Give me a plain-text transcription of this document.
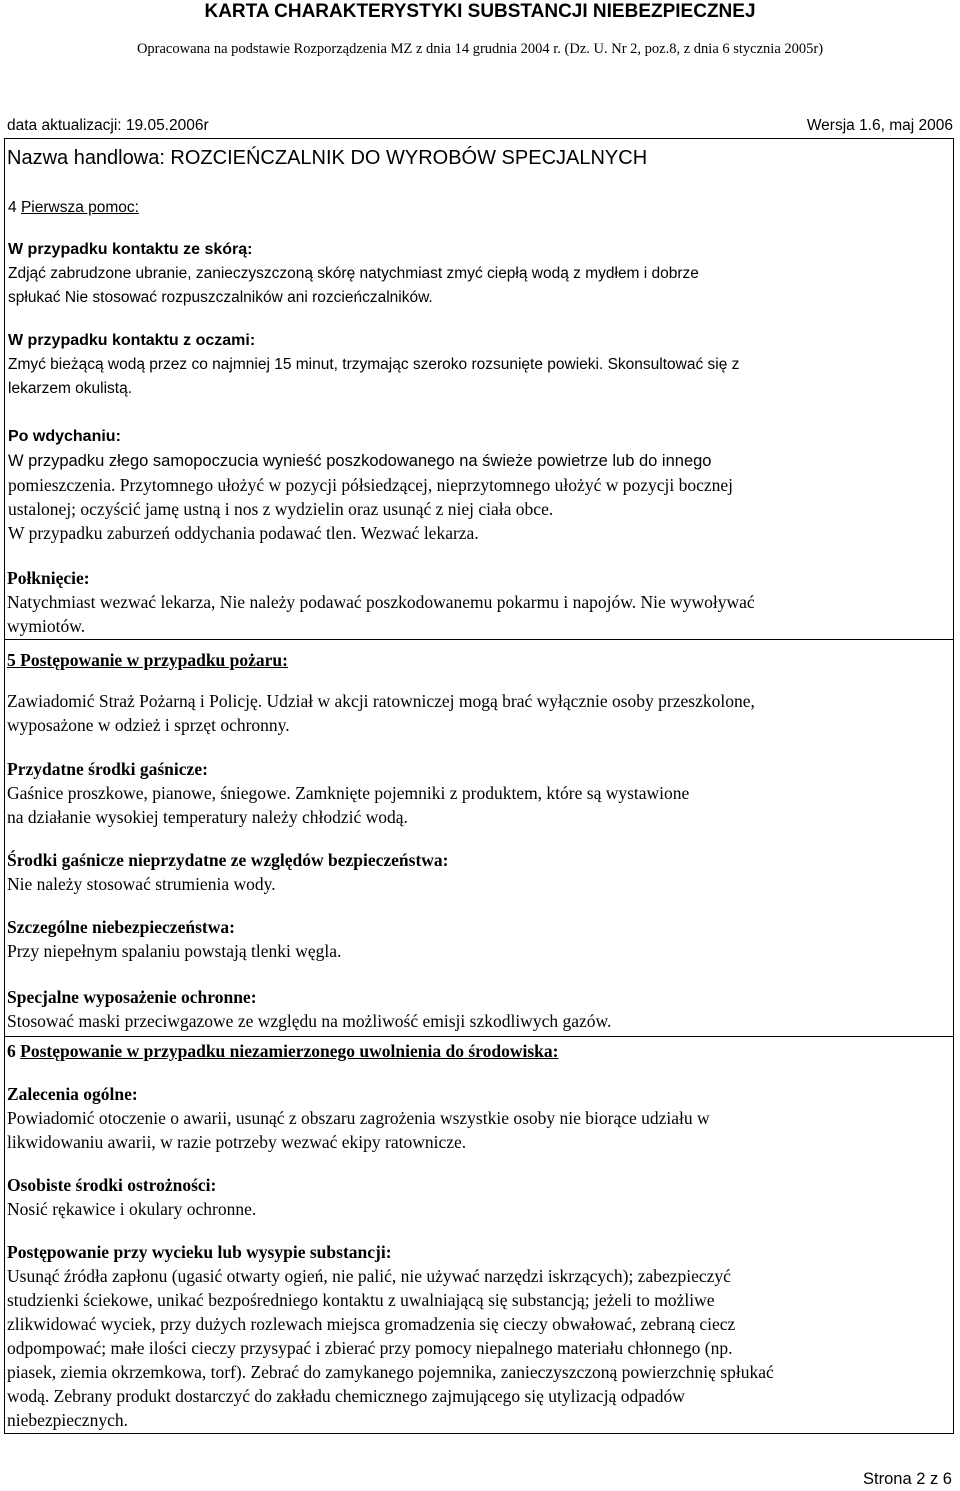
KARTA CHARAKTERYSTYKI SUBSTANCJI NIEBEZPIECZNEJ
Opracowana na podstawie Rozporządzenia MZ z dnia 14 grudnia 2004 r. (Dz. U. Nr 2, poz.8, z dnia 6 stycznia 2005r)
data aktualizacji: 19.05.2006r	Wersja 1.6, maj 2006
Nazwa handlowa: ROZCIEŃCZALNIK DO WYROBÓW SPECJALNYCH
4 Pierwsza pomoc:
W przypadku kontaktu ze skórą:
Zdjąć zabrudzone ubranie, zanieczyszczoną skórę natychmiast zmyć ciepłą wodą z mydłem i dobrze
spłukać Nie stosować rozpuszczalników ani rozcieńczalników.
W przypadku kontaktu z oczami:
Zmyć bieżącą wodą przez co najmniej 15 minut, trzymając szeroko rozsunięte powieki. Skonsultować się z
lekarzem okulistą.
Po wdychaniu:
W przypadku złego samopoczucia wynieść poszkodowanego na świeże powietrze lub do innego
pomieszczenia. Przytomnego ułożyć w pozycji półsiedzącej, nieprzytomnego ułożyć w pozycji bocznej
ustalonej; oczyścić jamę ustną i nos z wydzielin oraz usunąć z niej ciała obce.
W przypadku zaburzeń oddychania podawać tlen. Wezwać lekarza.
Połknięcie:
Natychmiast wezwać lekarza, Nie należy podawać poszkodowanemu pokarmu i napojów. Nie wywoływać
wymiotów.
5 Postępowanie w przypadku pożaru:
Zawiadomić Straż Pożarną i Policję. Udział w akcji ratowniczej mogą brać wyłącznie osoby przeszkolone,
wyposażone w odzież i sprzęt ochronny.
Przydatne środki gaśnicze:
Gaśnice proszkowe, pianowe, śniegowe. Zamknięte pojemniki z produktem, które są wystawione
na działanie wysokiej temperatury należy chłodzić wodą.
Środki gaśnicze nieprzydatne ze względów bezpieczeństwa:
Nie należy stosować strumienia wody.
Szczególne niebezpieczeństwa:
Przy niepełnym spalaniu powstają tlenki węgla.
Specjalne wyposażenie ochronne:
Stosować maski przeciwgazowe ze względu na możliwość emisji szkodliwych gazów.
6 Postępowanie w przypadku niezamierzonego uwolnienia do środowiska:
Zalecenia ogólne:
Powiadomić otoczenie o awarii, usunąć z obszaru zagrożenia wszystkie osoby nie biorące udziału w
likwidowaniu awarii, w razie potrzeby wezwać ekipy ratownicze.
Osobiste środki ostrożności:
Nosić rękawice i okulary ochronne.
Postępowanie przy wycieku lub wysypie substancji:
Usunąć źródła zapłonu (ugasić otwarty ogień, nie palić, nie używać narzędzi iskrzących); zabezpieczyć
studzienki ściekowe, unikać bezpośredniego kontaktu z uwalniającą się substancją; jeżeli to możliwe
zlikwidować wyciek, przy dużych rozlewach miejsca gromadzenia się cieczy obwałować, zebraną ciecz
odpompować; małe ilości cieczy przysypać i zbierać przy pomocy niepalnego materiału chłonnego (np.
piasek, ziemia okrzemkowa, torf). Zebrać do zamykanego pojemnika, zanieczyszczoną powierzchnię spłukać
wodą. Zebrany produkt dostarczyć do zakładu chemicznego zajmującego się utylizacją odpadów
niebezpiecznych.
Strona 2 z 6
